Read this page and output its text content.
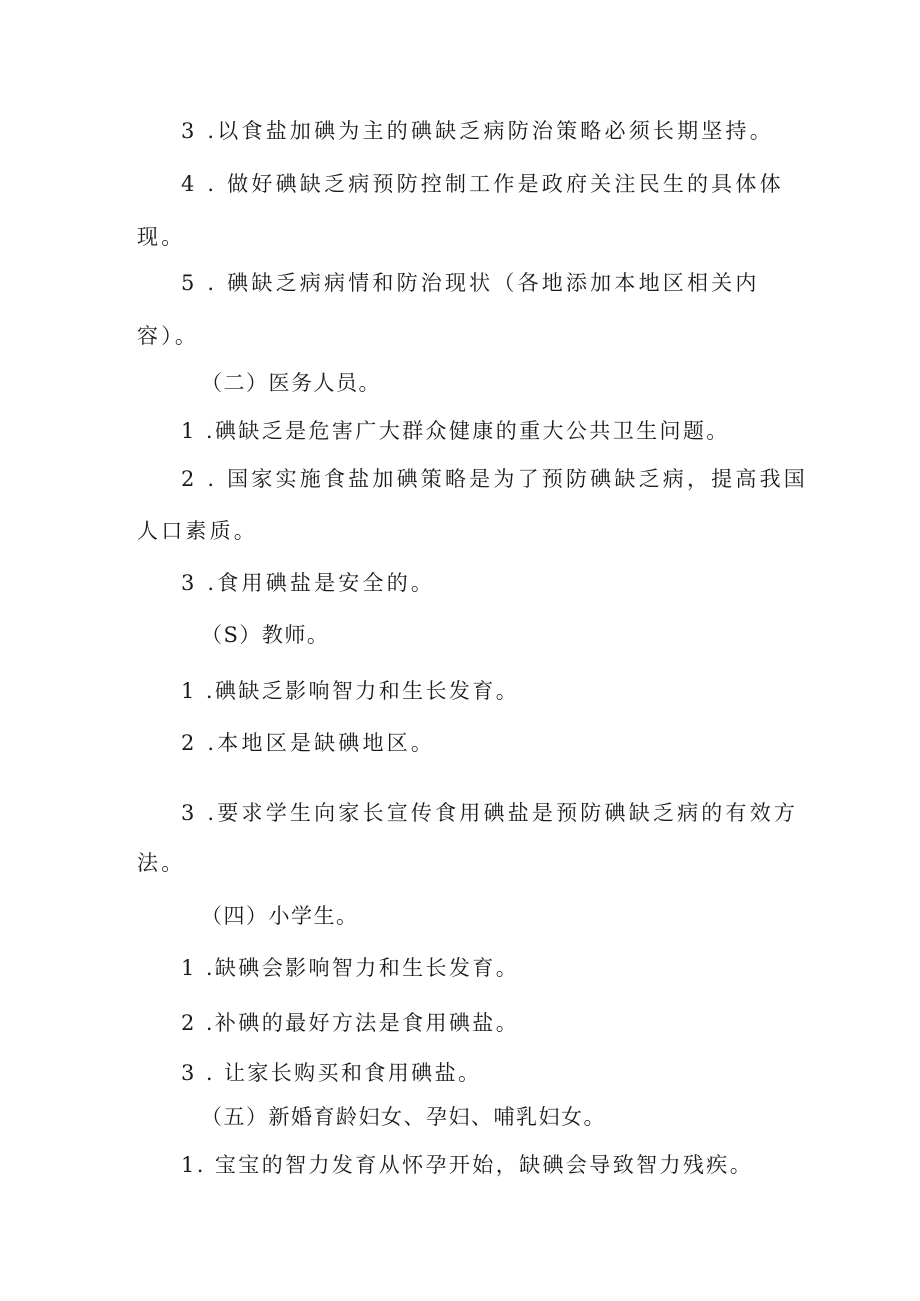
3 .以食盐加碘为主的碘缺乏病防治策略必须长期坚持。
4 . 做好碘缺乏病预防控制工作是政府关注民生的具体体
现。
5 . 碘缺乏病病情和防治现状（各地添加本地区相关内
容）。
（二）医务人员。
1 .碘缺乏是危害广大群众健康的重大公共卫生问题。
2 . 国家实施食盐加碘策略是为了预防碘缺乏病，提高我国
人口素质。
3 .食用碘盐是安全的。
（S）教师。
1 .碘缺乏影响智力和生长发育。
2 .本地区是缺碘地区。
3 .要求学生向家长宣传食用碘盐是预防碘缺乏病的有效方
法。
（四）小学生。
1 .缺碘会影响智力和生长发育。
2 .补碘的最好方法是食用碘盐。
3 . 让家长购买和食用碘盐。
（五）新婚育龄妇女、孕妇、哺乳妇女。
1. 宝宝的智力发育从怀孕开始，缺碘会导致智力残疾。
